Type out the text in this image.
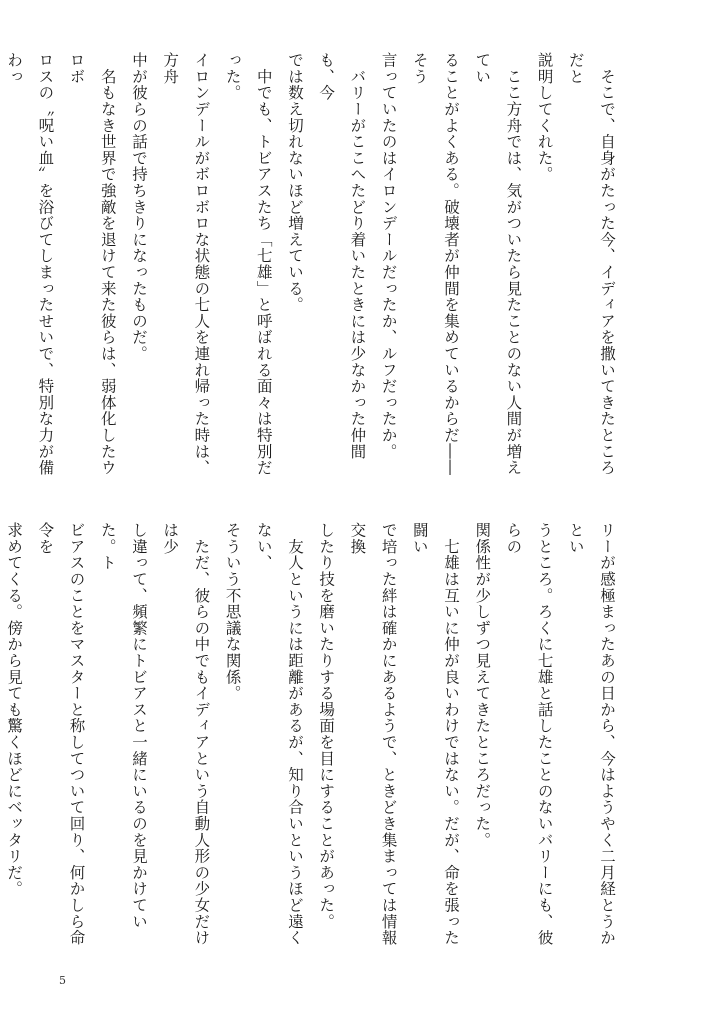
　そこで、自身がたった今、イディアを撒いてきたところだと
説明してくれた。
　ここ方舟では、気がついたら見たことのない人間が増えてい
ることがよくある。破壊者が仲間を集めているからだ――そう
言っていたのはイロンデールだったか、ルフだったか。
　バリーがここへたどり着いたときには少なかった仲間も、今
では数え切れないほど増えている。
　中でも、トビアスたち「七雄」と呼ばれる面々は特別だった。
イロンデールがボロボロな状態の七人を連れ帰った時は、方舟
中が彼らの話で持ちきりになったものだ。
　名もなき世界で強敵を退けて来た彼らは、弱体化したウロボ
ロスの〝呪い血〟を浴びてしまったせいで、特別な力が備わっ
リーが感極まったあの日から、今はようやく二月経とうかとい
うところ。ろくに七雄と話したことのないバリーにも、彼らの
関係性が少しずつ見えてきたところだった。
　七雄は互いに仲が良いわけではない。だが、命を張った闘い
で培った絆は確かにあるようで、ときどき集まっては情報交換
したり技を磨いたりする場面を目にすることがあった。
　友人というには距離があるが、知り合いというほど遠くない、
そういう不思議な関係。
　ただ、彼らの中でもイディアという自動人形の少女だけは少
し違って、頻繁にトビアスと一緒にいるのを見かけていた。ト
ビアスのことをマスターと称してついて回り、何かしら命令を
求めてくる。傍から見ても驚くほどにベッタリだ。
5
